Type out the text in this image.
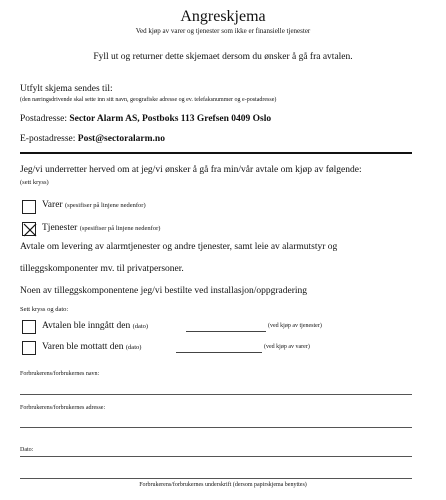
Angreskjema
Ved kjøp av varer og tjenester som ikke er finansielle tjenester
Fyll ut og returner dette skjemaet dersom du ønsker å gå fra avtalen.
Utfylt skjema sendes til:
(den næringsdrivende skal sette inn sitt navn, geografiske adresse og ev. telefaksnummer og e-postadresse)
Postadresse: Sector Alarm AS, Postboks 113 Grefsen 0409 Oslo
E-postadresse: Post@sectoralarm.no
Jeg/vi underretter herved om at jeg/vi ønsker å gå fra min/vår avtale om kjøp av følgende:
(sett kryss)
Varer (spesifiser på linjene nedenfor)
Tjenester (spesifiser på linjene nedenfor)
Avtale om levering av alarmtjenester og andre tjenester, samt leie av alarmutstyr og
tilleggskomponenter mv. til privatpersoner.
Noen av tilleggskomponentene jeg/vi bestilte ved installasjon/oppgradering
Sett kryss og dato:
Avtalen ble inngått den (dato)	(ved kjøp av tjenester)
Varen ble mottatt den (dato)	(ved kjøp av varer)
Forbrukerens/forbrukernes navn:
Forbrukerens/forbrukernes adresse:
Dato:
Forbrukerens/forbrukernes underskrift (dersom papirskjema benyttes)
